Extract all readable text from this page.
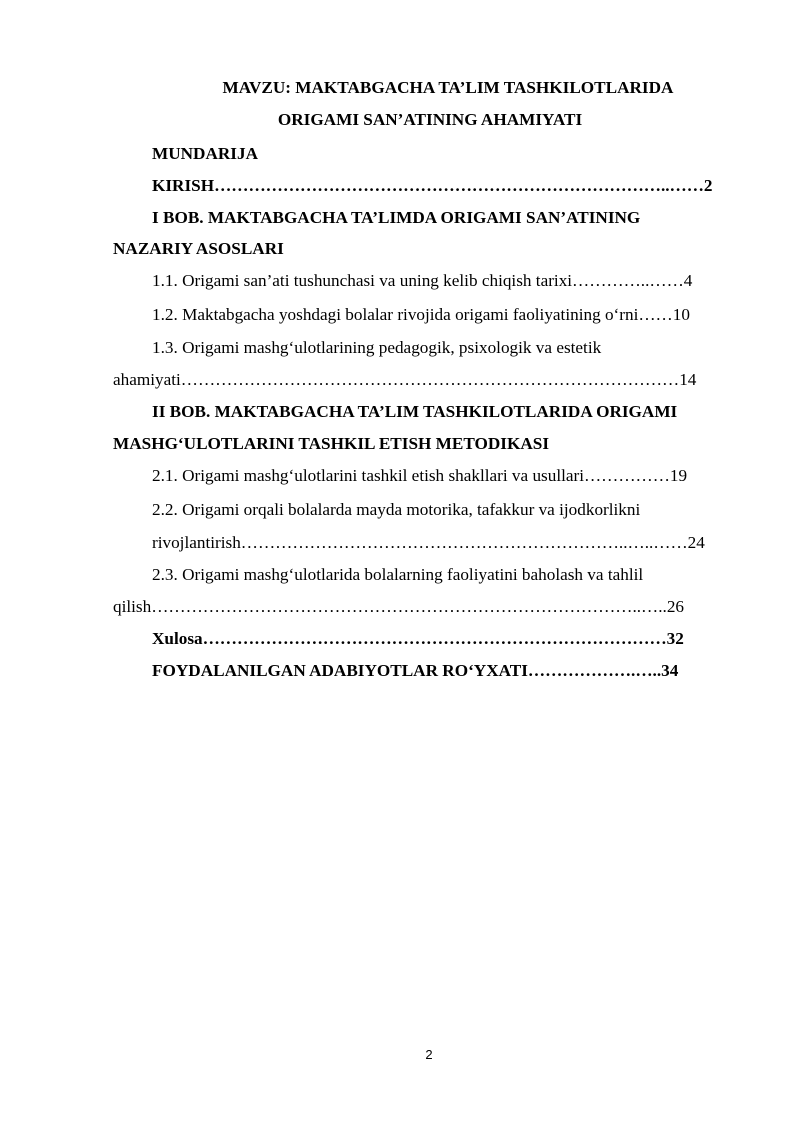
MAVZU: MAKTABGACHA TA’LIM TASHKILOTLARIDA
ORIGAMI SAN’ATINING AHAMIYATI
MUNDARIJA
KIRISH……………………………………………………………………..……2
I BOB. MAKTABGACHA TA’LIMDA ORIGAMI SAN’ATINING
NAZARIY ASOSLARI
1.1. Origami san’ati tushunchasi va uning kelib chiqish tarixi…………..……4
1.2. Maktabgacha yoshdagi bolalar rivojida origami faoliyatining oʻrni……10
1.3. Origami mashgʻulotlarining pedagogik, psixologik va estetik
ahamiyati……………………………………………………………………………14
II BOB. MAKTABGACHA TA’LIM TASHKILOTLARIDA ORIGAMI
MASHGʻULOTLARINI TASHKIL ETISH METODIKASI
2.1. Origami mashgʻulotlarini tashkil etish shakllari va usullari……………19
2.2. Origami orqali bolalarda mayda motorika, tafakkur va ijodkorlikni
rivojlantirish…………………………………………………………..…..……24
2.3. Origami mashgʻulotlarida bolalarning faoliyatini baholash va tahlil
qilish…………………………………………………………………………..…..26
Xulosa………………………………………………………………………32
FOYDALANILGAN ADABIYOTLAR ROʻYXATI……………….…..34
2
